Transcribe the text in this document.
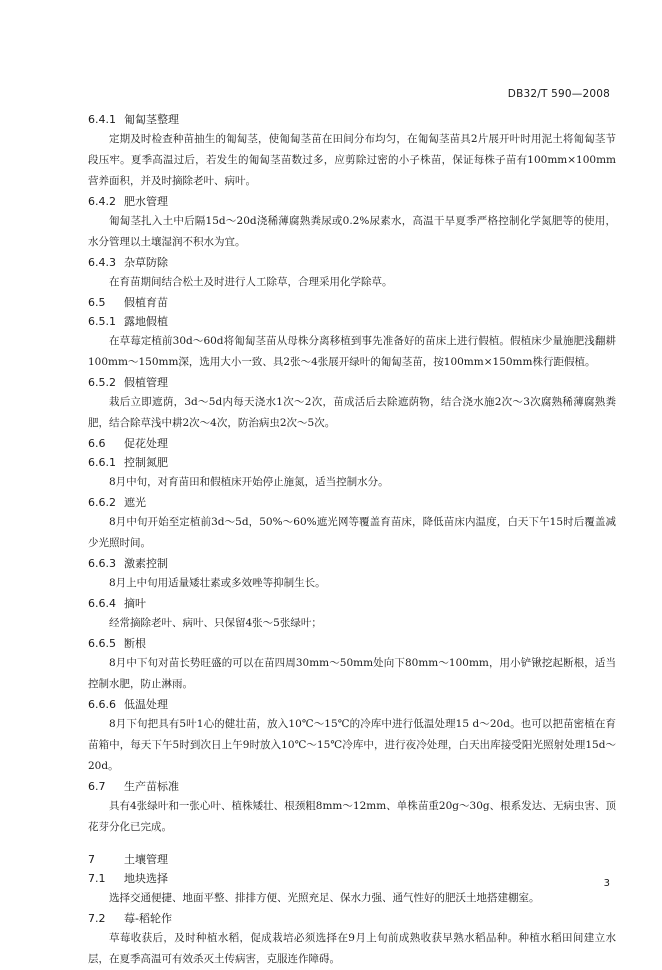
DB32/T 590—2008
6.4.1 匍匐茎整理

定期及时检查种苗抽生的匍匐茎，使匍匐茎苗在田间分布均匀，在匍匐茎苗具2片展开叶时用泥土将匍匐茎节段压牢。夏季高温过后，若发生的匍匐茎苗数过多，应剪除过密的小子株苗，保证每株子苗有100mm×100mm营养面积，并及时摘除老叶、病叶。

6.4.2 肥水管理

匍匐茎扎入土中后隔15d～20d浇稀薄腐熟粪尿或0.2%尿素水，高温干旱夏季严格控制化学氮肥等的使用，水分管理以土壤湿润不积水为宜。

6.4.3 杂草防除

在育苗期间结合松土及时进行人工除草，合理采用化学除草。

6.5 假植育苗
6.5.1 露地假植

在草莓定植前30d～60d将匍匐茎苗从母株分离移植到事先准备好的苗床上进行假植。假植床少量施肥浅翻耕100mm～150mm深，选用大小一致、具2张～4张展开绿叶的匍匐茎苗，按100mm×150mm株行距假植。

6.5.2 假植管理

栽后立即遮荫，3d～5d内每天浇水1次～2次，苗成活后去除遮荫物，结合浇水施2次～3次腐熟稀薄腐熟粪肥，结合除草浅中耕2次～4次，防治病虫2次～5次。

6.6 促花处理
6.6.1 控制氮肥

8月中旬，对育苗田和假植床开始停止施氮，适当控制水分。

6.6.2 遮光

8月中旬开始至定植前3d～5d，50%～60%遮光网等覆盖育苗床，降低苗床内温度，白天下午15时后覆盖减少光照时间。

6.6.3 激素控制

8月上中旬用适量矮壮素或多效唑等抑制生长。

6.6.4 摘叶

经常摘除老叶、病叶、只保留4张～5张绿叶；

6.6.5 断根

8月中下旬对苗长势旺盛的可以在苗四周30mm～50mm处向下80mm～100mm，用小铲锹挖起断根，适当控制水肥，防止淋雨。

6.6.6 低温处理

8月下旬把具有5叶1心的健壮苗，放入10℃～15℃的冷库中进行低温处理15 d～20d。也可以把苗密植在育苗箱中，每天下午5时到次日上午9时放入10℃～15℃冷库中，进行夜冷处理，白天出库接受阳光照射处理15d～20d。

6.7 生产苗标准

具有4张绿叶和一张心叶、植株矮壮、根颈粗8mm～12mm、单株苗重20g～30g、根系发达、无病虫害、顶花芽分化已完成。

7	土壤管理
7.1 地块选择

选择交通便捷、地面平整、排排方便、光照充足、保水力强、通气性好的肥沃土地搭建棚室。

7.2 莓-稻轮作

草莓收获后，及时种植水稻，促成栽培必须选择在9月上旬前成熟收获早熟水稻品种。种植水稻田间建立水层，在夏季高温可有效杀灭土传病害，克服连作障碍。

3
